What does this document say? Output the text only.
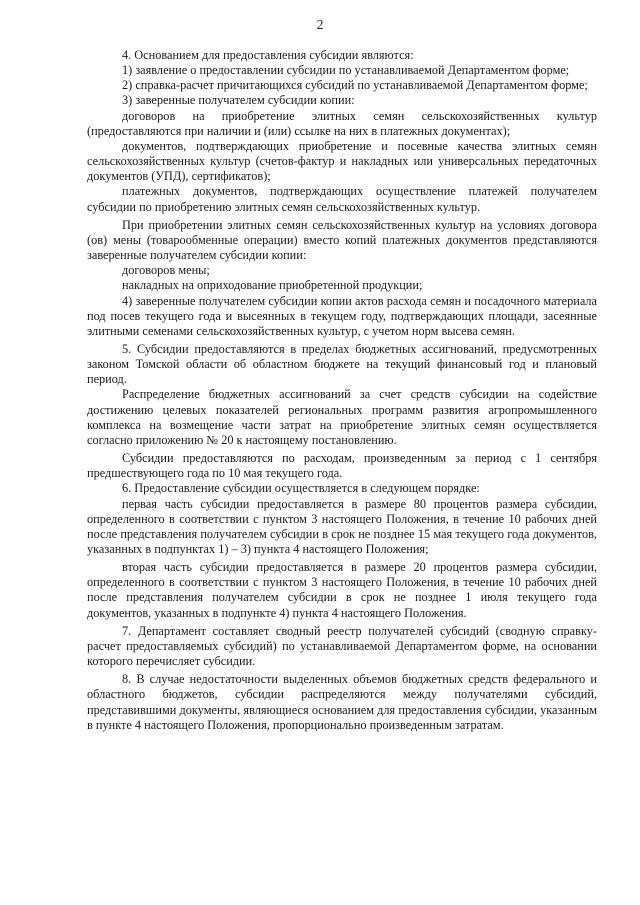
2

4. Основанием для предоставления субсидии являются:

1) заявление о предоставлении субсидии по устанавливаемой Департаментом форме;

2) справка-расчет причитающихся субсидий по устанавливаемой Департаментом форме;

3) заверенные получателем субсидии копии:

договоров на приобретение элитных семян сельскохозяйственных культур (предоставляются при наличии и (или) ссылке на них в платежных документах);

документов, подтверждающих приобретение и посевные качества элитных семян сельскохозяйственных культур (счетов-фактур и накладных или универсальных передаточных документов (УПД), сертификатов);

платежных документов, подтверждающих осуществление платежей получателем субсидии по приобретению элитных семян сельскохозяйственных культур.

При приобретении элитных семян сельскохозяйственных культур на условиях договора (ов) мены (товарообменные операции) вместо копий платежных документов представляются заверенные получателем субсидии копии:

договоров мены;

накладных на оприходование приобретенной продукции;

4) заверенные получателем субсидии копии актов расхода семян и посадочного материала под посев текущего года и высеянных в текущем году, подтверждающих площади, засеянные элитными семенами сельскохозяйственных культур, с учетом норм высева семян.

5. Субсидии предоставляются в пределах бюджетных ассигнований, предусмотренных законом Томской области об областном бюджете на текущий финансовый год и плановый период.

Распределение бюджетных ассигнований за счет средств субсидии на содействие достижению целевых показателей региональных программ развития агропромышленного комплекса на возмещение части затрат на приобретение элитных семян осуществляется согласно приложению № 20 к настоящему постановлению.

Субсидии предоставляются по расходам, произведенным за период с 1 сентября предшествующего года по 10 мая текущего года.

6. Предоставление субсидии осуществляется в следующем порядке:

первая часть субсидии предоставляется в размере 80 процентов размера субсидии, определенного в соответствии с пунктом 3 настоящего Положения, в течение 10 рабочих дней после представления получателем субсидии в срок не позднее 15 мая текущего года документов, указанных в подпунктах 1) – 3) пункта 4 настоящего Положения;

вторая часть субсидии предоставляется в размере 20 процентов размера субсидии, определенного в соответствии с пунктом 3 настоящего Положения, в течение 10 рабочих дней после представления получателем субсидии в срок не позднее 1 июля текущего года документов, указанных в подпункте 4) пункта 4 настоящего Положения.

7. Департамент составляет сводный реестр получателей субсидий (сводную справку-расчет предоставляемых субсидий) по устанавливаемой Департаментом форме, на основании которого перечисляет субсидии.

8. В случае недостаточности выделенных объемов бюджетных средств федерального и областного бюджетов, субсидии распределяются между получателями субсидий, представившими документы, являющиеся основанием для предоставления субсидии, указанным в пункте 4 настоящего Положения, пропорционально произведенным затратам.
